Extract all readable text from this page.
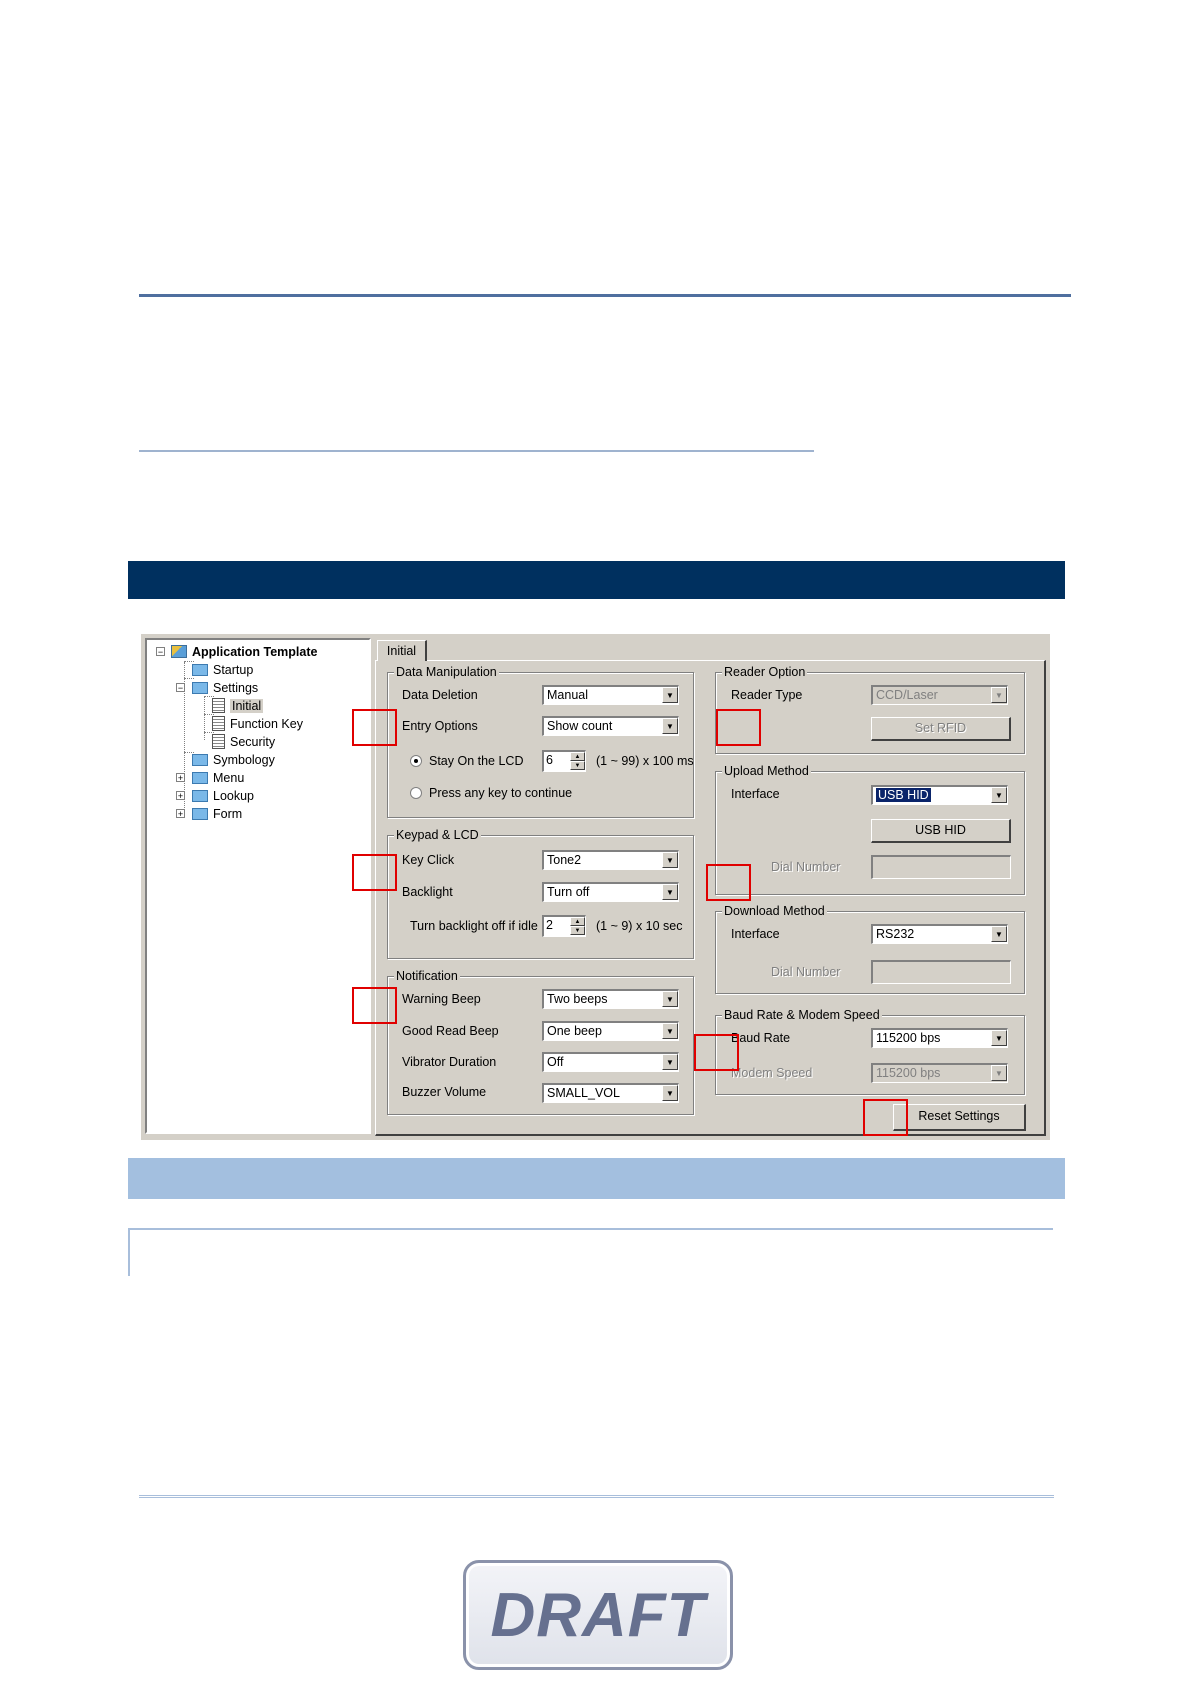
−	Application Template
Startup
−	Settings
Initial
Function Key
Security
Symbology
+	Menu
+	Lookup
+	Form
Initial
Data Manipulation
Data Deletion	Manual	▼
Entry Options	Show count	▼
Stay On the LCD	6	▲
▼	(1 ~ 99) x 100 ms
Press any key to continue
Keypad & LCD
Key Click	Tone2	▼
Backlight	Turn off	▼
Turn backlight off if idle 2	▲
▼	(1 ~ 9) x 10 sec
Notification
Warning Beep	Two beeps	▼
Good Read Beep	One beep	▼
Vibrator Duration	Off	▼
Buzzer Volume	SMALL_VOL	▼
Reader Option
Reader Type	CCD/Laser	▼
Set RFID
Upload Method
Interface	USB HID	▼
USB HID
Dial Number
Download Method
Interface	RS232	▼
Dial Number
Baud Rate & Modem Speed
Baud Rate	115200 bps	▼
Modem Speed	115200 bps	▼
Reset Settings
DRAFT
